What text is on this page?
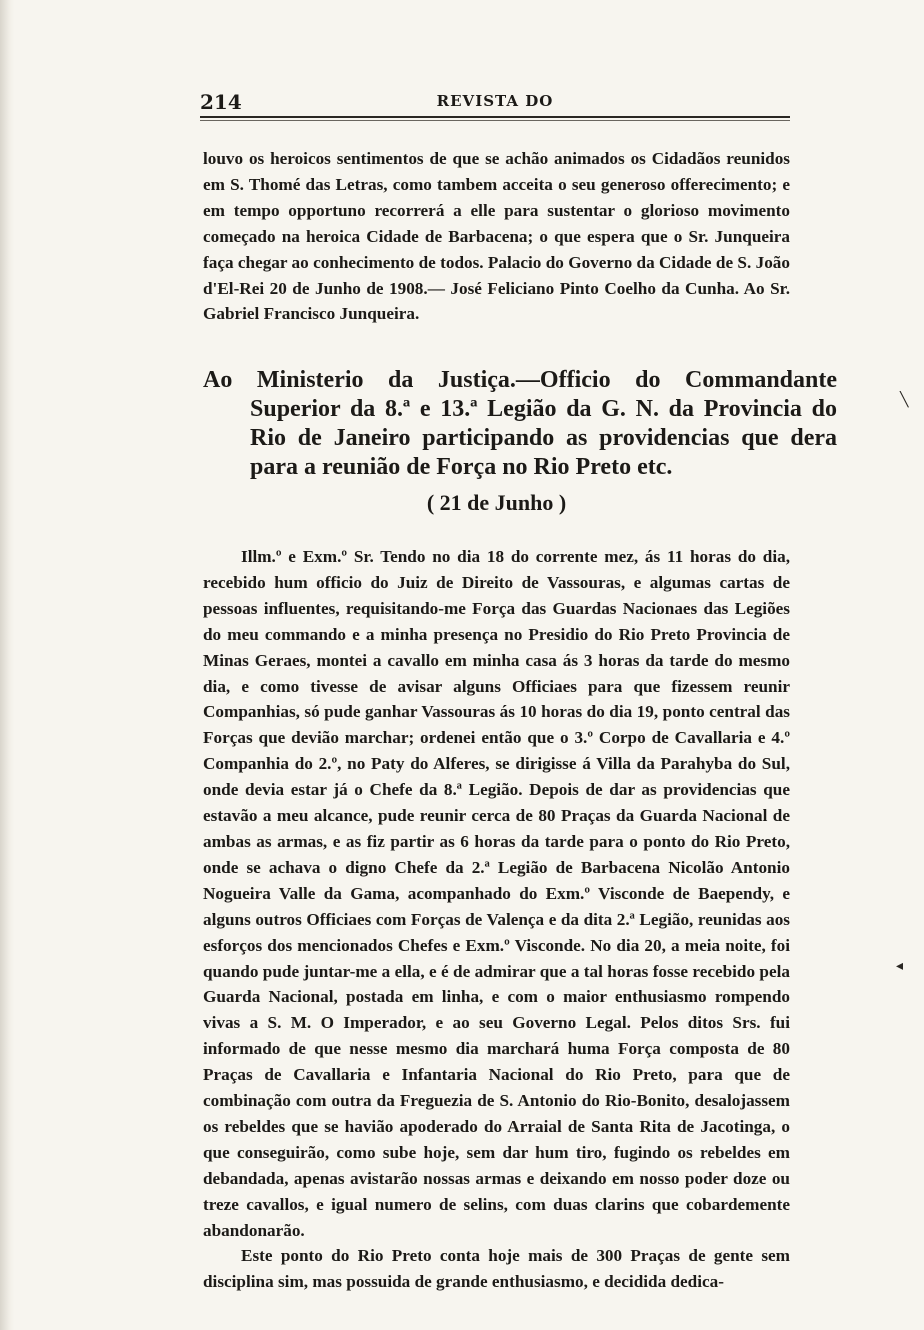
214	REVISTA DO
louvo os heroicos sentimentos de que se achão animados os Cidadãos reunidos em S. Thomé das Letras, como tambem acceita o seu generoso offerecimento; e em tempo opportuno recorrerá a elle para sustentar o glorioso movimento começado na heroica Cidade de Barbacena; o que espera que o Sr. Junqueira faça chegar ao conhecimento de todos. Palacio do Governo da Cidade de S. João d'El-Rei 20 de Junho de 1908.— José Feliciano Pinto Coelho da Cunha. Ao Sr. Gabriel Francisco Junqueira.
Ao Ministerio da Justiça.—Officio do Commandante Superior da 8.ª e 13.ª Legião da G. N. da Provincia do Rio de Janeiro participando as providencias que dera para a reunião de Força no Rio Preto etc.
( 21 de Junho )

Illm.º e Exm.º Sr. Tendo no dia 18 do corrente mez, ás 11 horas do dia, recebido hum officio do Juiz de Direito de Vassouras, e algumas cartas de pessoas influentes, requisitando-me Força das Guardas Nacionaes das Legiões do meu commando e a minha presença no Presidio do Rio Preto Provincia de Minas Geraes, montei a cavallo em minha casa ás 3 horas da tarde do mesmo dia, e como tivesse de avisar alguns Officiaes para que fizessem reunir Companhias, só pude ganhar Vassouras ás 10 horas do dia 19, ponto central das Forças que devião marchar; ordenei então que o 3.º Corpo de Cavallaria e 4.º Companhia do 2.º, no Paty do Alferes, se dirigisse á Villa da Parahyba do Sul, onde devia estar já o Chefe da 8.ª Legião. Depois de dar as providencias que estavão a meu alcance, pude reunir cerca de 80 Praças da Guarda Nacional de ambas as armas, e as fiz partir as 6 horas da tarde para o ponto do Rio Preto, onde se achava o digno Chefe da 2.ª Legião de Barbacena Nicolão Antonio Nogueira Valle da Gama, acompanhado do Exm.º Visconde de Baependy, e alguns outros Officiaes com Forças de Valença e da dita 2.ª Legião, reunidas aos esforços dos mencionados Chefes e Exm.º Visconde. No dia 20, a meia noite, foi quando pude juntar-me a ella, e é de admirar que a tal horas fosse recebido pela Guarda Nacional, postada em linha, e com o maior enthusiasmo rompendo vivas a S. M. O Imperador, e ao seu Governo Legal. Pelos ditos Srs. fui informado de que nesse mesmo dia marchará huma Força composta de 80 Praças de Cavallaria e Infantaria Nacional do Rio Preto, para que de combinação com outra da Freguezia de S. Antonio do Rio-Bonito, desalojassem os rebeldes que se havião apoderado do Arraial de Santa Rita de Jacotinga, o que conseguirão, como sube hoje, sem dar hum tiro, fugindo os rebeldes em debandada, apenas avistarão nossas armas e deixando em nosso poder doze ou treze cavallos, e igual numero de selins, com duas clarins que cobardemente abandonarão.

Este ponto do Rio Preto conta hoje mais de 300 Praças de gente sem disciplina sim, mas possuida de grande enthusiasmo, e decidida dedica-

╲
◂
